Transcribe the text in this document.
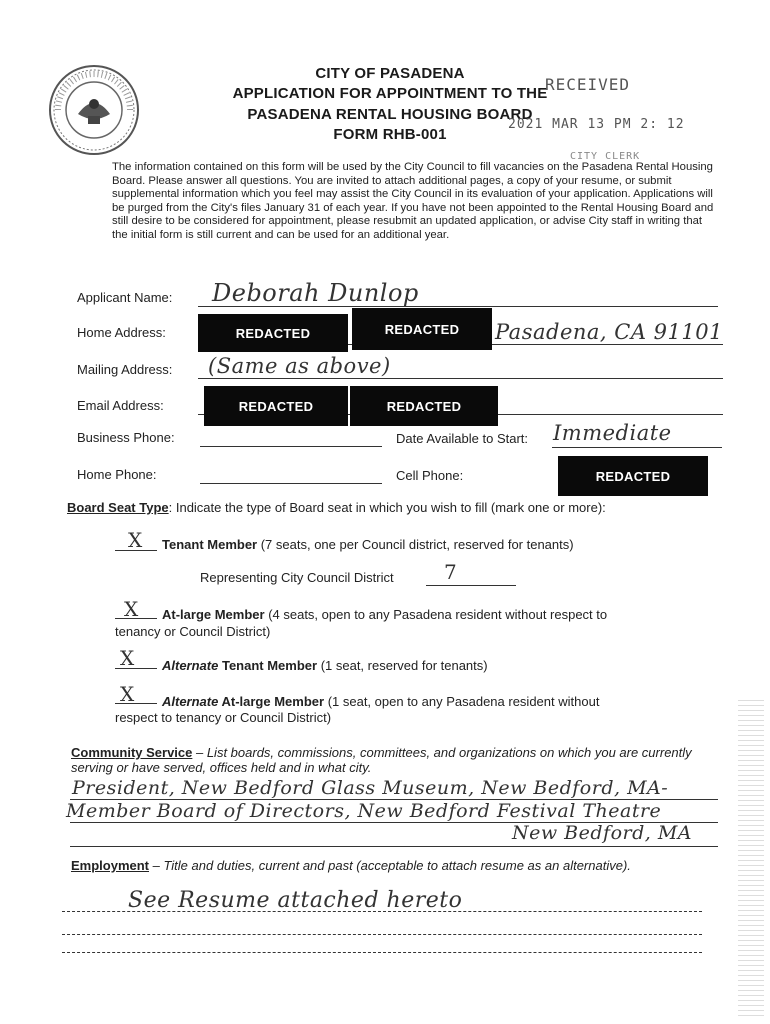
CITY OF PASADENA
APPLICATION FOR APPOINTMENT TO THE
PASADENA RENTAL HOUSING BOARD
FORM RHB-001
RECEIVED
2021 MAR 13 PM 2: 12
CITY CLERK
The information contained on this form will be used by the City Council to fill vacancies on the Pasadena Rental Housing Board. Please answer all questions. You are invited to attach additional pages, a copy of your resume, or submit supplemental information which you feel may assist the City Council in its evaluation of your application. Applications will be purged from the City's files January 31 of each year. If you have not been appointed to the Rental Housing Board and still desire to be considered for appointment, please resubmit an updated application, or advise City staff in writing that the initial form is still current and can be used for an additional year.
Applicant Name: Deborah Dunlop
Home Address:	REDACTED	REDACTED	Pasadena, CA 91101
Mailing Address: (Same as above)
Email Address:	REDACTED	REDACTED
Business Phone:	Date Available to Start: Immediate
Home Phone:	Cell Phone:	REDACTED
Board Seat Type: Indicate the type of Board seat in which you wish to fill (mark one or more):
X Tenant Member (7 seats, one per Council district, reserved for tenants)
Representing City Council District	7
X At-large Member (4 seats, open to any Pasadena resident without respect to
tenancy or Council District)
X Alternate Tenant Member (1 seat, reserved for tenants)
X Alternate At-large Member (1 seat, open to any Pasadena resident without
respect to tenancy or Council District)
Community Service – List boards, commissions, committees, and organizations on which you are currently serving or have served, offices held and in what city.
President, New Bedford Glass Museum, New Bedford, MA-
Member Board of Directors, New Bedford Festival Theatre
New Bedford, MA
Employment – Title and duties, current and past (acceptable to attach resume as an alternative).
See Resume attached hereto
